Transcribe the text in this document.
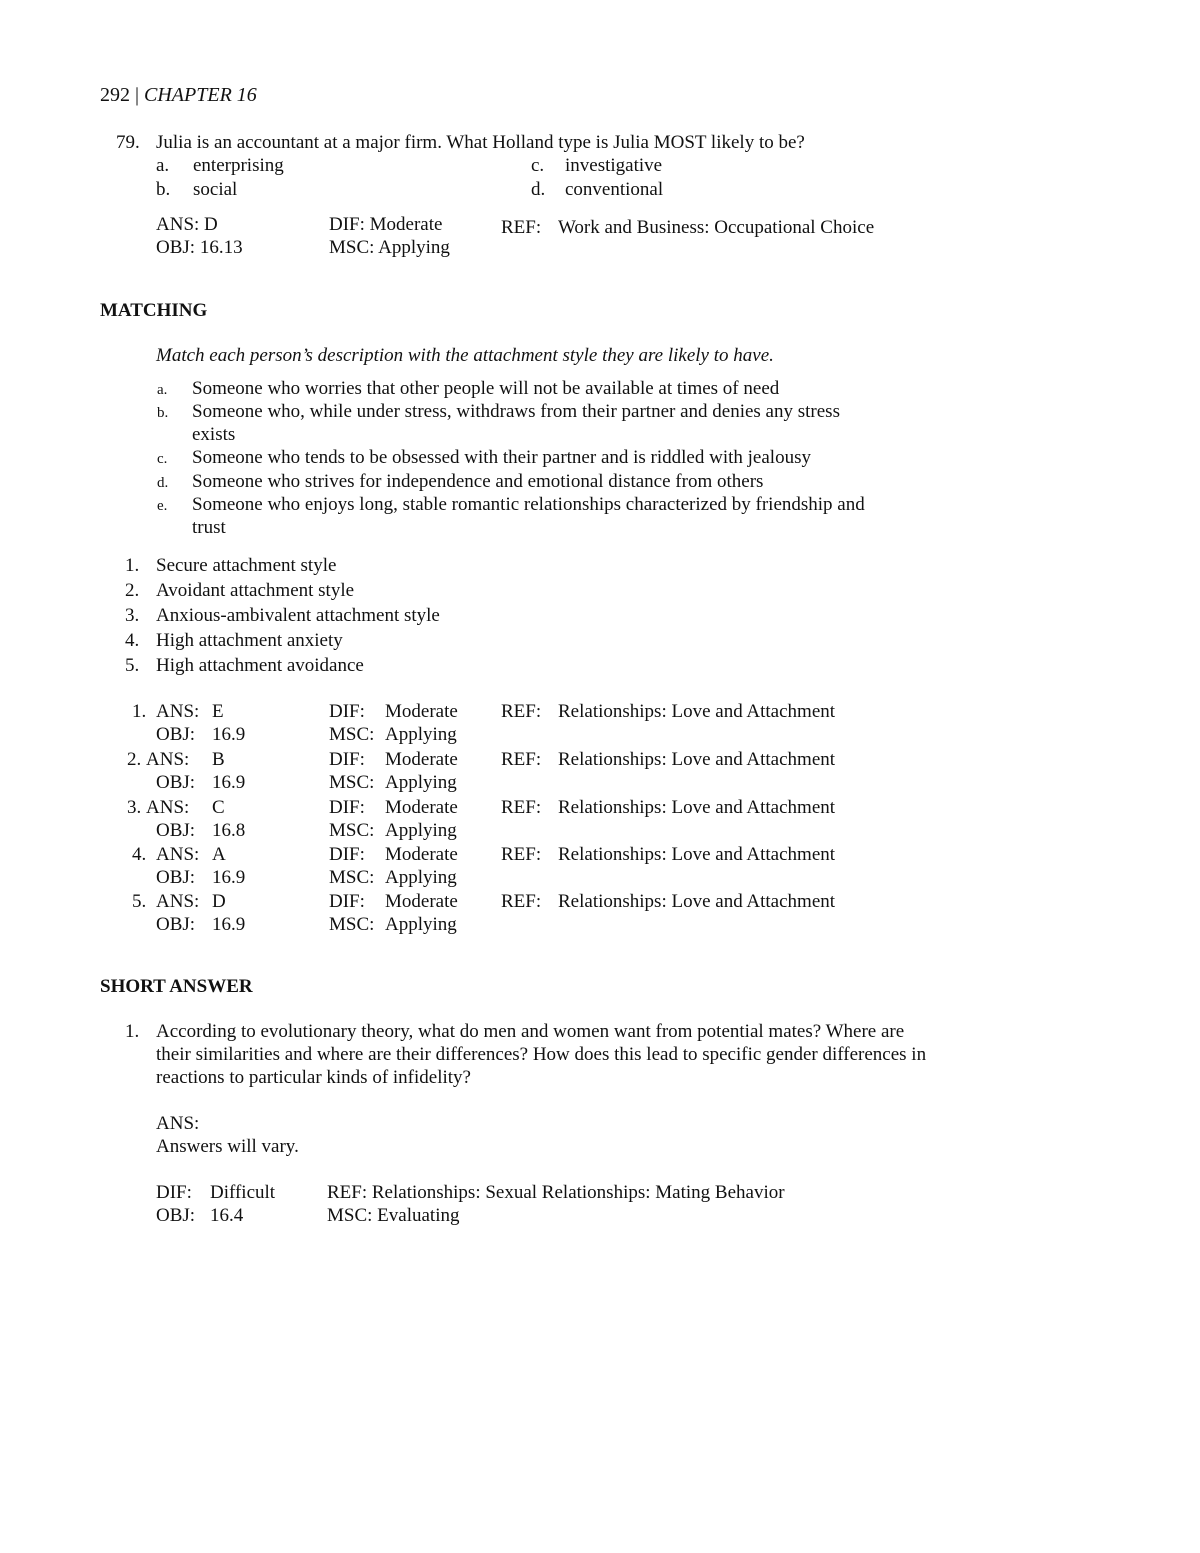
292 | CHAPTER 16
79. Julia is an accountant at a major firm. What Holland type is Julia MOST likely to be?
a. enterprising
b. social
c. investigative
d. conventional
ANS: D	DIF: Moderate	REF: Work and Business: Occupational Choice
OBJ: 16.13	MSC: Applying
MATCHING
Match each person’s description with the attachment style they are likely to have.
a. Someone who worries that other people will not be available at times of need
b. Someone who, while under stress, withdraws from their partner and denies any stress
exists
c. Someone who tends to be obsessed with their partner and is riddled with jealousy
d. Someone who strives for independence and emotional distance from others
e. Someone who enjoys long, stable romantic relationships characterized by friendship and
trust
1. Secure attachment style
2. Avoidant attachment style
3. Anxious-ambivalent attachment style
4. High attachment anxiety
5. High attachment avoidance
1. ANS: E	DIF: Moderate REF: Relationships: Love and Attachment
OBJ: 16.9	MSC: Applying
2. ANS: B	DIF: Moderate REF: Relationships: Love and Attachment
OBJ: 16.9	MSC: Applying
3. ANS: C	DIF: Moderate REF: Relationships: Love and Attachment
OBJ: 16.8	MSC: Applying
4. ANS: A	DIF: Moderate REF: Relationships: Love and Attachment
OBJ: 16.9	MSC: Applying
5. ANS: D	DIF: Moderate REF: Relationships: Love and Attachment
OBJ: 16.9	MSC: Applying
SHORT ANSWER
1. According to evolutionary theory, what do men and women want from potential mates? Where are
their similarities and where are their differences? How does this lead to specific gender differences in
reactions to particular kinds of infidelity?
ANS:
Answers will vary.
DIF: Difficult	REF: Relationships: Sexual Relationships: Mating Behavior
OBJ: 16.4	MSC: Evaluating
